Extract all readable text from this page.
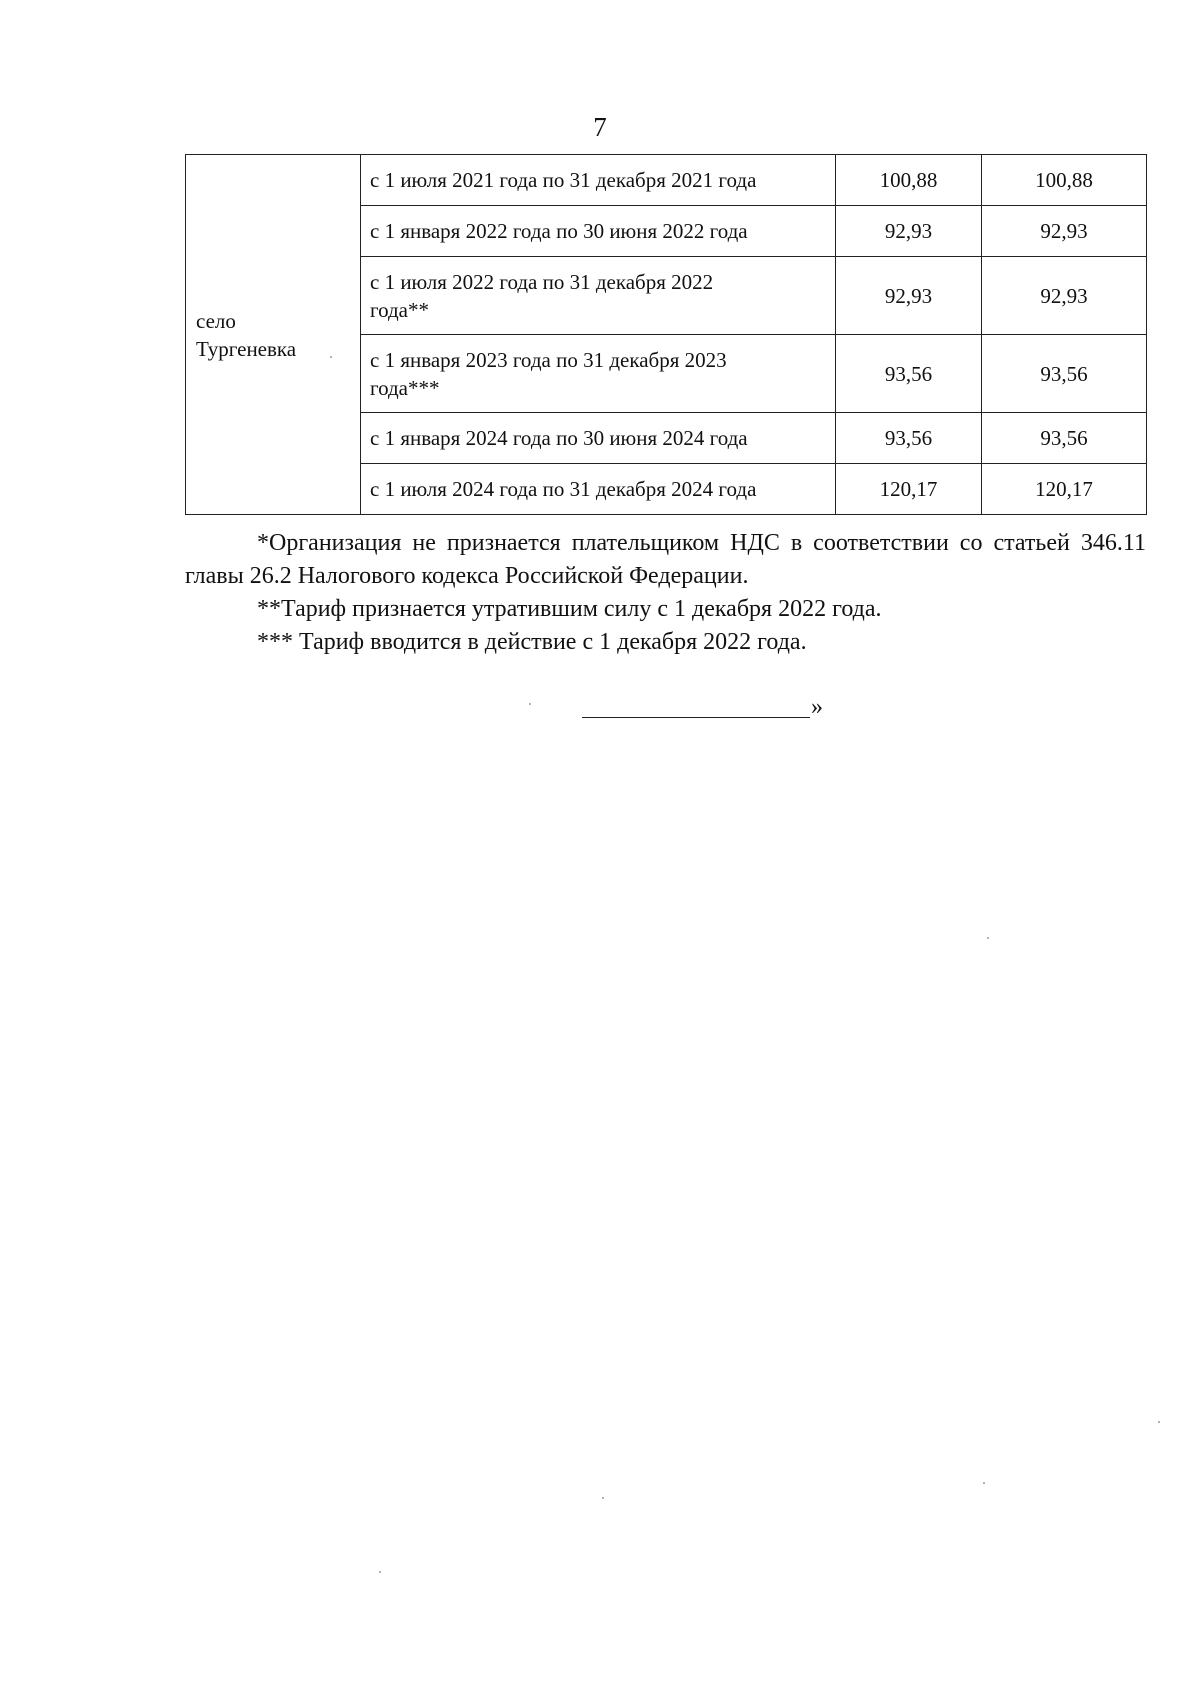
7
село Тургеневка	с 1 июля 2021 года по 31 декабря 2021 года	100,88	100,88
	с 1 января 2022 года по 30 июня 2022 года	92,93	92,93

	с 1 июля 2022 года по 31 декабря 2022 года**	92,93	92,93

	с 1 января 2023 года по 31 декабря 2023 года***	93,56	93,56
	с 1 января 2024 года по 30 июня 2024 года	93,56	93,56
	с 1 июля 2024 года по 31 декабря 2024 года	120,17	120,17

*Организация не признается плательщиком НДС в соответствии со статьей 346.11 главы 26.2 Налогового кодекса Российской Федерации.

**Тариф признается утратившим силу с 1 декабря 2022 года.

*** Тариф вводится в действие с 1 декабря 2022 года.

»
